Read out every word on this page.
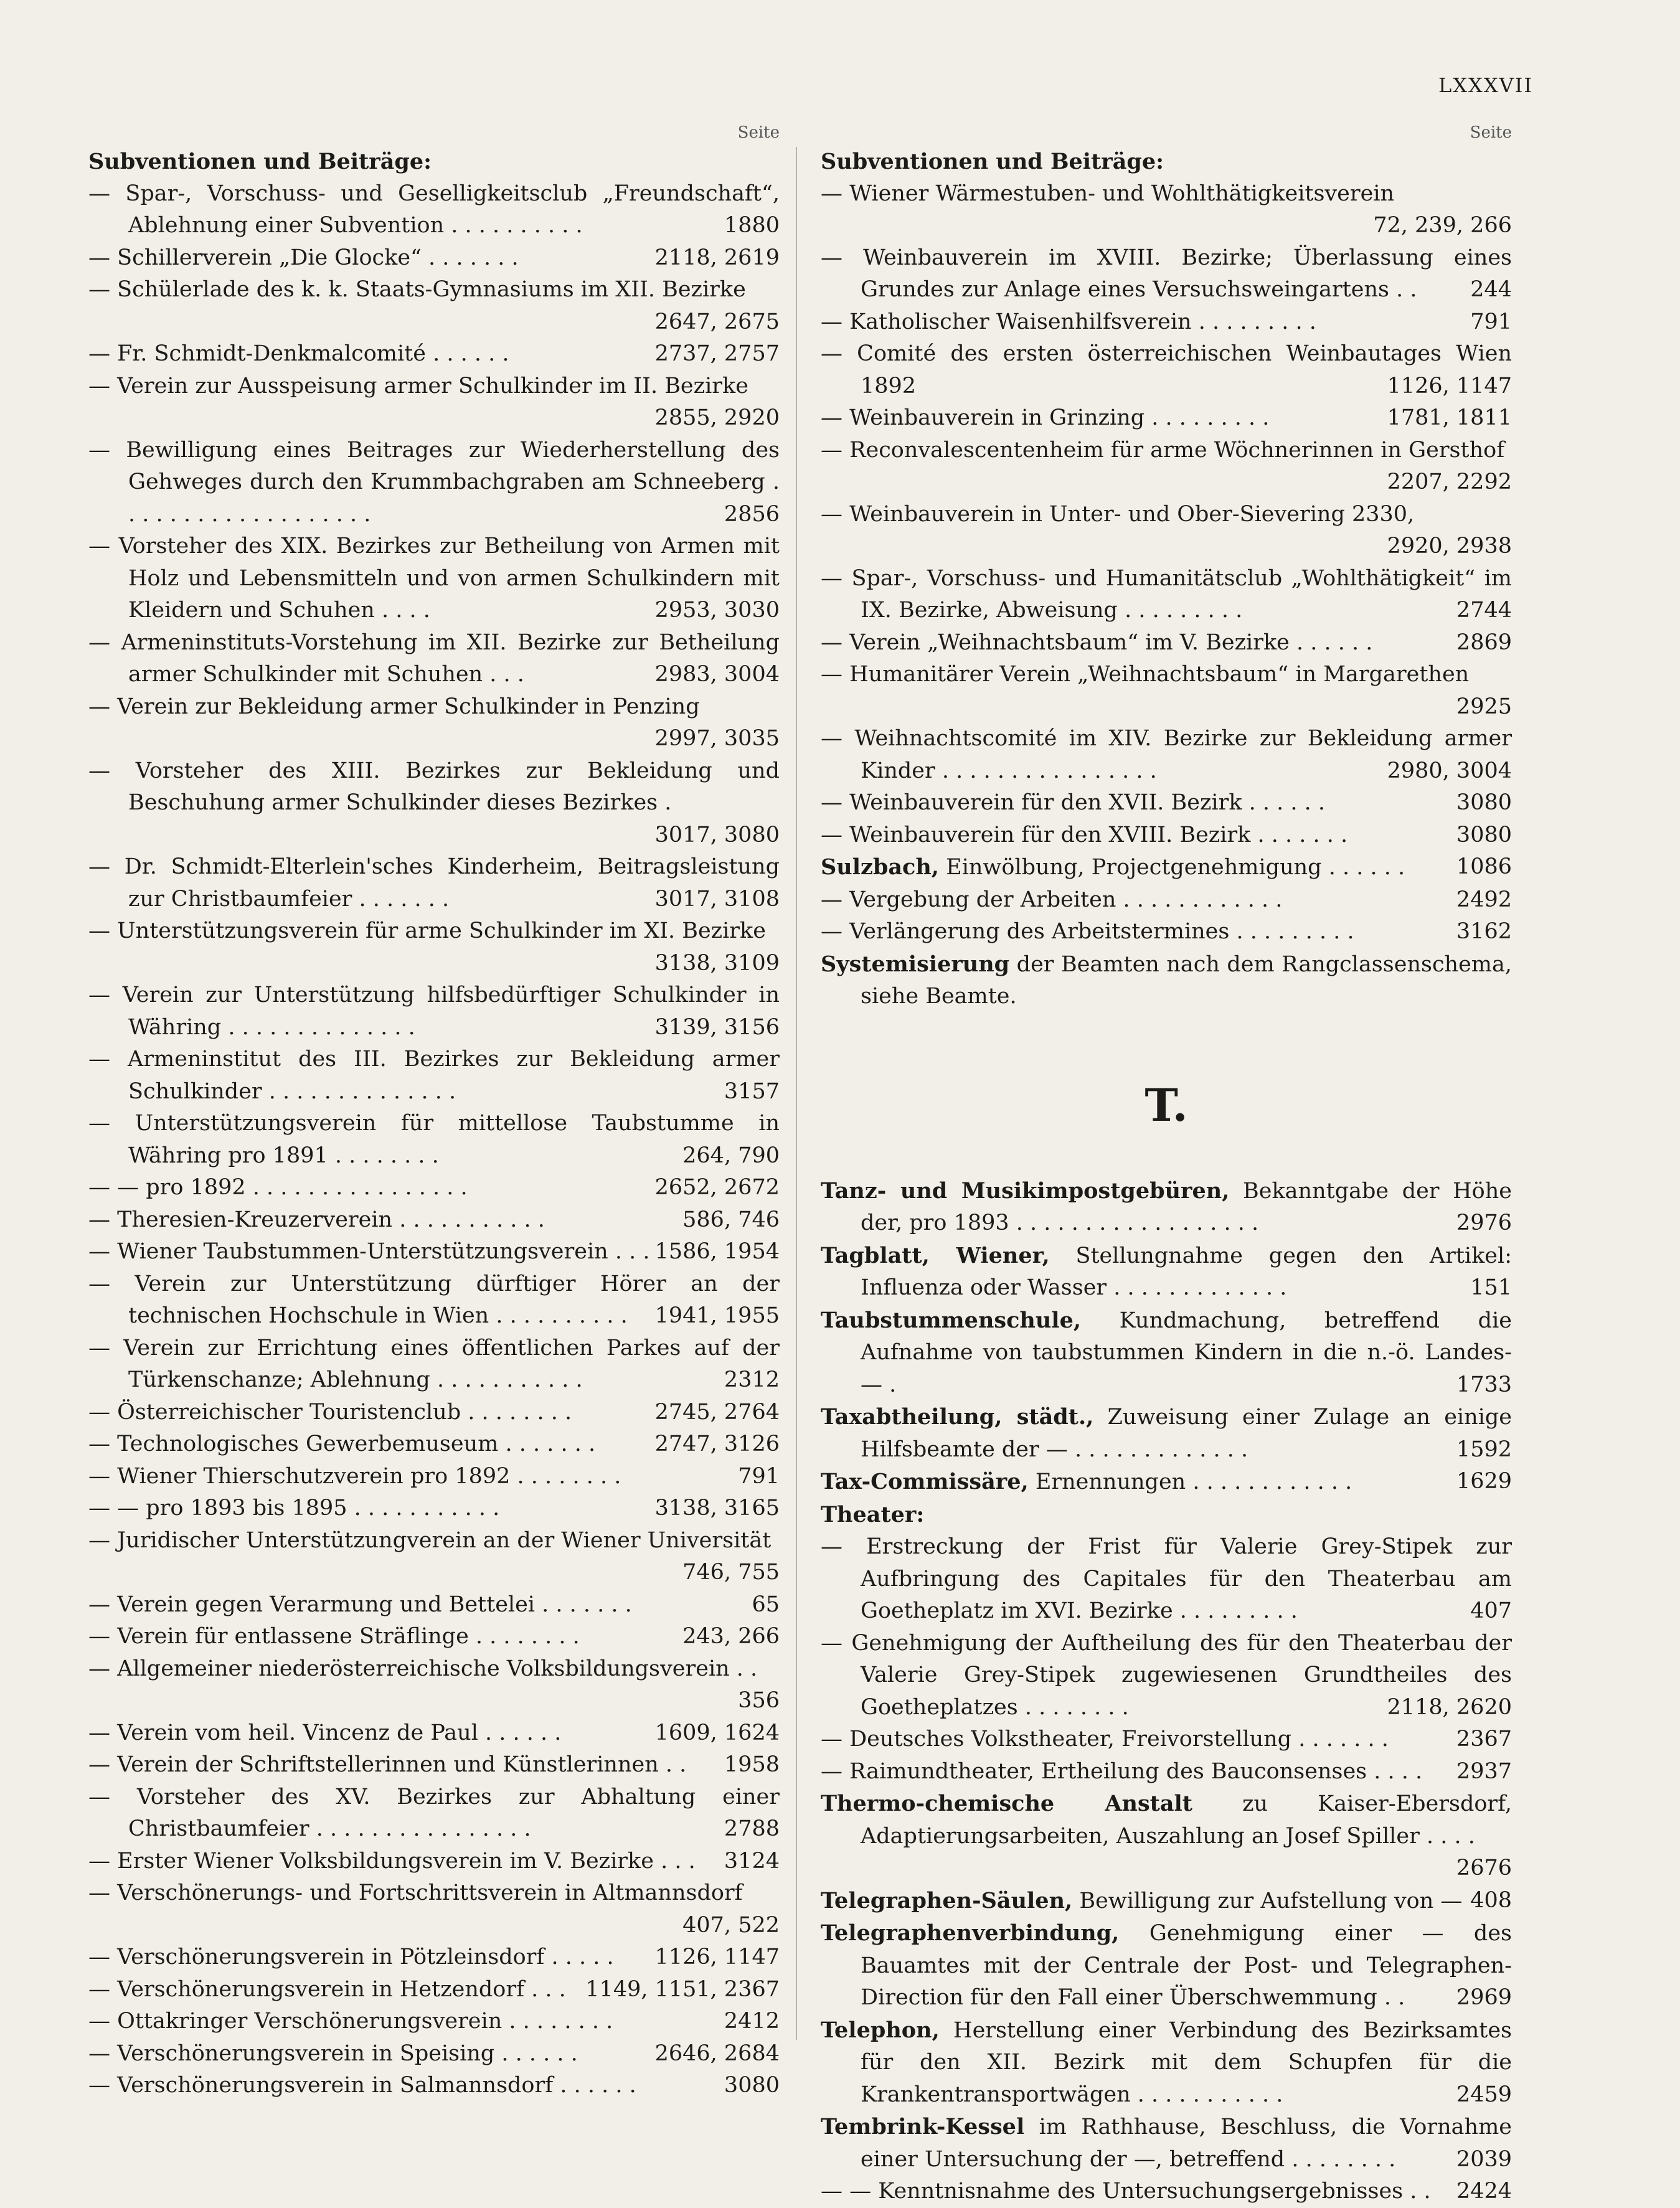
LXXXVII
Seite
Subventionen und Beiträge:
— Spar-, Vorschuss- und Geselligkeitsclub „Freundschaft“, Ablehnung einer Subvention . . . . . . . . . .	1880
— Schillerverein „Die Glocke“ . . . . . . .	2118, 2619
— Schülerlade des k. k. Staats-Gymnasiums im XII. Bezirke
2647, 2675
— Fr. Schmidt-Denkmalcomité . . . . . .	2737, 2757
— Verein zur Ausspeisung armer Schulkinder im II. Bezirke
2855, 2920
— Bewilligung eines Beitrages zur Wiederherstellung des Gehweges durch den Krummbachgraben am Schneeberg . . . . . . . . . . . . . . . . . . .	2856
— Vorsteher des XIX. Bezirkes zur Betheilung von Armen mit Holz und Lebensmitteln und von armen Schulkindern mit Kleidern und Schuhen . . . .	2953, 3030
— Armeninstituts-Vorstehung im XII. Bezirke zur Betheilung armer Schulkinder mit Schuhen . . .	2983, 3004
— Verein zur Bekleidung armer Schulkinder in Penzing
2997, 3035
— Vorsteher des XIII. Bezirkes zur Bekleidung und Beschuhung armer Schulkinder dieses Bezirkes .
3017, 3080
— Dr. Schmidt-Elterlein'sches Kinderheim, Beitragsleistung zur Christbaumfeier . . . . . . .	3017, 3108
— Unterstützungsverein für arme Schulkinder im XI. Bezirke
3138, 3109
— Verein zur Unterstützung hilfsbedürftiger Schulkinder in Währing . . . . . . . . . . . . . .	3139, 3156
— Armeninstitut des III. Bezirkes zur Bekleidung armer Schulkinder . . . . . . . . . . . . . .	3157
— Unterstützungsverein für mittellose Taubstumme in Währing pro 1891 . . . . . . . .	264, 790
— — pro 1892 . . . . . . . . . . . . . . . .	2652, 2672
— Theresien-Kreuzerverein . . . . . . . . . . .	586, 746
— Wiener Taubstummen-Unterstützungsverein . . . 1586, 1954
— Verein zur Unterstützung dürftiger Hörer an der technischen Hochschule in Wien . . . . . . . . . . 1941, 1955
— Verein zur Errichtung eines öffentlichen Parkes auf der Türkenschanze; Ablehnung . . . . . . . . . . .	2312
— Österreichischer Touristenclub . . . . . . . .	2745, 2764
— Technologisches Gewerbemuseum . . . . . . .	2747, 3126
— Wiener Thierschutzverein pro 1892 . . . . . . . .	791
— — pro 1893 bis 1895 . . . . . . . . . . .	3138, 3165
— Juridischer Unterstützungverein an der Wiener Universität
746, 755
— Verein gegen Verarmung und Bettelei . . . . . . .	65
— Verein für entlassene Sträflinge . . . . . . . .	243, 266
— Allgemeiner niederösterreichische Volksbildungsverein . .
356
— Verein vom heil. Vincenz de Paul . . . . . .	1609, 1624
— Verein der Schriftstellerinnen und Künstlerinnen . . 1958
— Vorsteher des XV. Bezirkes zur Abhaltung einer Christbaumfeier . . . . . . . . . . . . . . . .	2788
— Erster Wiener Volksbildungsverein im V. Bezirke . . . 3124
— Verschönerungs- und Fortschrittsverein in Altmannsdorf
407, 522
— Verschönerungsverein in Pötzleinsdorf . . . . . 1126, 1147
— Verschönerungsverein in Hetzendorf . . . 1149, 1151, 2367
— Ottakringer Verschönerungsverein . . . . . . . .	2412
— Verschönerungsverein in Speising . . . . . .	2646, 2684
— Verschönerungsverein in Salmannsdorf . . . . . .	3080
Seite
Subventionen und Beiträge:
— Wiener Wärmestuben- und Wohlthätigkeitsverein
72, 239, 266
— Weinbauverein im XVIII. Bezirke; Überlassung eines Grundes zur Anlage eines Versuchsweingartens . . 244
— Katholischer Waisenhilfsverein . . . . . . . . .	791
— Comité des ersten österreichischen Weinbautages Wien 1892	1126, 1147
— Weinbauverein in Grinzing . . . . . . . . .	1781, 1811
— Reconvalescentenheim für arme Wöchnerinnen in Gersthof
2207, 2292
— Weinbauverein in Unter- und Ober-Sievering 2330,
2920, 2938
— Spar-, Vorschuss- und Humanitätsclub „Wohlthätigkeit“ im IX. Bezirke, Abweisung . . . . . . . . .	2744
— Verein „Weihnachtsbaum“ im V. Bezirke . . . . . .	2869
— Humanitärer Verein „Weihnachtsbaum“ in Margarethen
2925
— Weihnachtscomité im XIV. Bezirke zur Bekleidung armer Kinder . . . . . . . . . . . . . . . .	2980, 3004
— Weinbauverein für den XVII. Bezirk . . . . . .	3080
— Weinbauverein für den XVIII. Bezirk . . . . . . .	3080
Sulzbach, Einwölbung, Projectgenehmigung . . . . . . 1086
— Vergebung der Arbeiten . . . . . . . . . . . .	2492
— Verlängerung des Arbeitstermines . . . . . . . . .	3162
Systemisierung der Beamten nach dem Rangclassenschema, siehe Beamte.
T.
Tanz- und Musikimpostgebüren, Bekanntgabe der Höhe der, pro 1893 . . . . . . . . . . . . . . . . . .	2976
Tagblatt, Wiener, Stellungnahme gegen den Artikel: Influenza oder Wasser . . . . . . . . . . . . .	151
Taubstummenschule, Kundmachung, betreffend die Aufnahme von taubstummen Kindern in die n.-ö. Landes- — .	1733
Taxabtheilung, städt., Zuweisung einer Zulage an einige Hilfsbeamte der — . . . . . . . . . . . . .	1592
Tax-Commissäre, Ernennungen . . . . . . . . . . . .	1629
Theater:
— Erstreckung der Frist für Valerie Grey-Stipek zur Aufbringung des Capitales für den Theaterbau am Goetheplatz im XVI. Bezirke . . . . . . . . .	407
— Genehmigung der Auftheilung des für den Theaterbau der Valerie Grey-Stipek zugewiesenen Grundtheiles des Goetheplatzes . . . . . . . .	2118, 2620
— Deutsches Volkstheater, Freivorstellung . . . . . . .	2367
— Raimundtheater, Ertheilung des Bauconsenses . . . . 2937
Thermo-chemische Anstalt zu Kaiser-Ebersdorf, Adaptierungsarbeiten, Auszahlung an Josef Spiller . . . .
2676
Telegraphen-Säulen, Bewilligung zur Aufstellung von — 408
Telegraphenverbindung, Genehmigung einer — des Bauamtes mit der Centrale der Post- und Telegraphen-Direction für den Fall einer Überschwemmung . . 2969
Telephon, Herstellung einer Verbindung des Bezirksamtes für den XII. Bezirk mit dem Schupfen für die Krankentransportwägen . . . . . . . . . . .	2459
Tembrink-Kessel im Rathhause, Beschluss, die Vornahme einer Untersuchung der —, betreffend . . . . . . . .	2039
— — Kenntnisnahme des Untersuchungsergebnisses . . 2424
